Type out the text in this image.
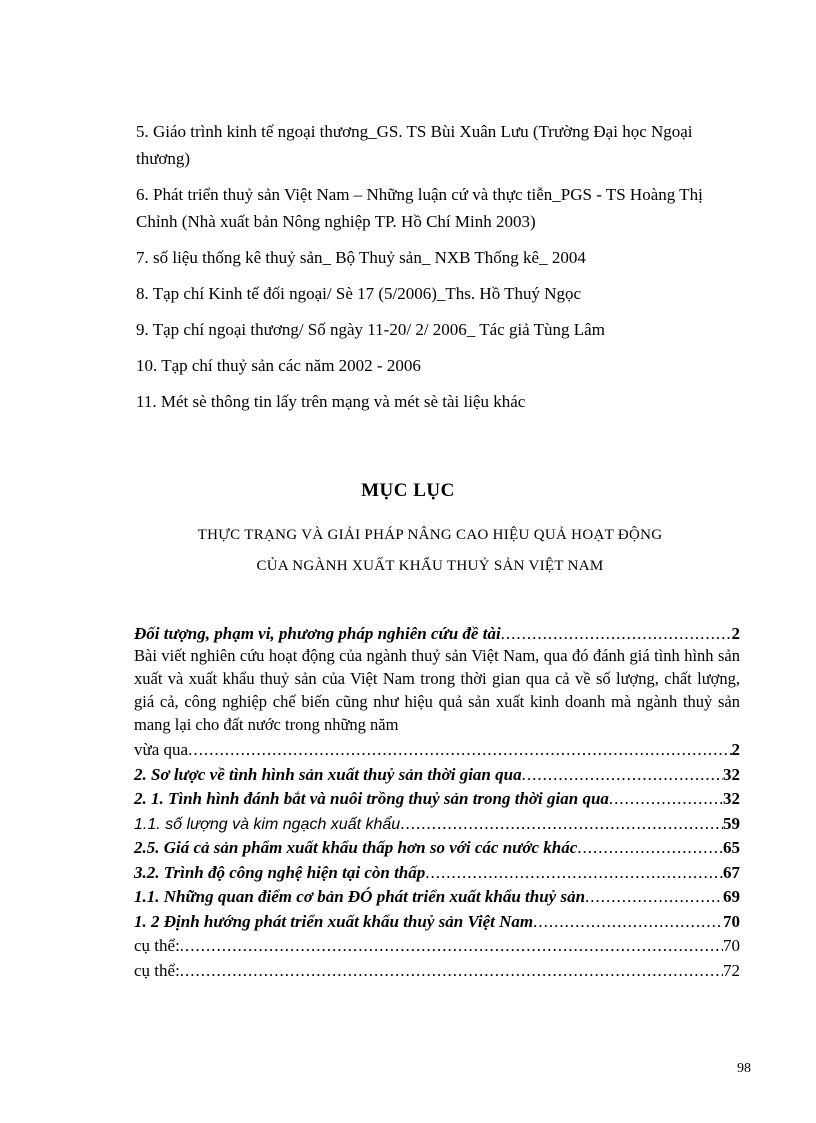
5. Giáo trình kinh tế ngoại thương_GS. TS Bùi Xuân Lưu (Trường Đại học Ngoại thương)
6. Phát triển thuỷ sản Việt Nam – Những luận cứ và thực tiễn_PGS - TS Hoàng Thị Chỉnh (Nhà xuất bản Nông nghiệp TP. Hồ Chí Minh 2003)
7. số liệu thống kê thuỷ sản_ Bộ Thuỷ sản_ NXB Thống kê_ 2004
8. Tạp chí Kinh tế đối ngoại/ Sè 17 (5/2006)_Ths. Hồ Thuý Ngọc
9. Tạp chí ngoại thương/ Số ngày 11-20/ 2/ 2006_ Tác giả Tùng Lâm
10. Tạp chí thuỷ sản các năm 2002 - 2006
11. Mét sè thông tin lấy trên mạng và mét sè tài liệu khác
MỤC LỤC
THỰC TRẠNG VÀ GIẢI PHÁP NÂNG CAO HIỆU QUẢ HOẠT ĐỘNG
CỦA NGÀNH XUẤT KHẨU THUỶ SẢN VIỆT NAM
Đối tượng, phạm vi, phương pháp nghiên cứu đề tài .....	2
Bài viết nghiên cứu hoạt động của ngành thuỷ sản Việt Nam, qua đó đánh giá tình hình sản xuất và xuất khẩu thuỷ sản của Việt Nam trong thời gian qua cả về số lượng, chất lượng, giá cả, công nghiệp chế biến cũng như hiệu quả sản xuất kinh doanh mà ngành thuỷ sản mang lại cho đất nước trong những năm
vừa qua .....	2
2. Sơ lược về tình hình sản xuất thuỷ sản thời gian qua .....	32
2. 1. Tình hình đánh bắt và nuôi trồng thuỷ sản trong thời gian qua .....	32
1.1. số lượng và kim ngạch xuất khẩu .....	59
2.5. Giá cả sản phẩm xuất khẩu thấp hơn so với các nước khác .....	65
3.2. Trình độ công nghệ hiện tại còn thấp .....	67
1.1. Những quan điểm cơ bản ĐÓ phát triển xuất khẩu thuỷ sản .....	69
1. 2 Định hướng phát triển xuất khẩu thuỷ sản Việt Nam .....	70
cụ thể: .....	70
cụ thể: .....	72
98
